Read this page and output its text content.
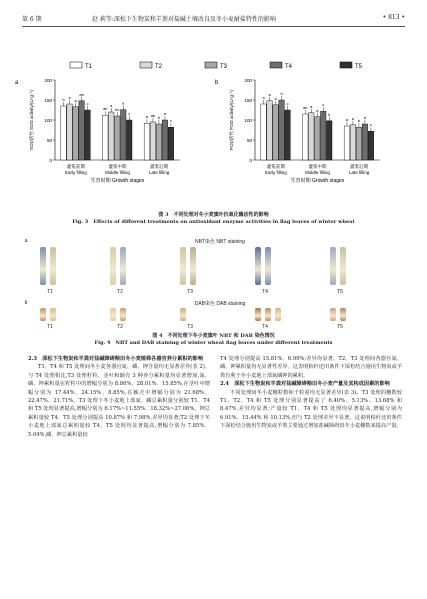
第 6 期	赵 莉等:深松下生物炭和羊粪对盐碱土壤改良及冬小麦耐盐特性的影响	• 813 •
T1	T2	T3	T4	T5
a
0
50
100
150
200
SOD活性 SOD activity/(U·g⁻¹)	b a
a
ab
c
灌浆前期
Early filling
ab
a
bc
a
c
灌浆中期
Middle filling
a ab b
a
c
灌浆后期
Late filling
生育时期 Growth stages
b
0
50
100
150
200
POD活性 POD activity/(U·g⁻¹)	a
a
a
b
c
灌浆前期
Early filling
ab a
a
c
b
灌浆中期
Middle filling
a a b
a
c
灌浆后期
Late filling
生育时期 Growth stages
图 3　不同处理对冬小麦旗叶抗氧化酶活性的影响
Fig. 3　Effects of different treatments on antioxidant enzyme activities in flag leaves of winter wheat
a	NBT染色 NBT staining
T1	T2	T3	T4	T5
b	DAB染色 DAB staining
T1	T2	T3	T4	T5
图 4　不同处理下冬小麦旗叶 NBT 和 DAB 染色情况
Fig. 4　NBT and DAB staining of winter wheat flag leaves under different treatments
2.3　深松下生物炭和羊粪对盐碱障碍粮田冬小麦植株各器官养分累积的影响

T1、T4 和 T5 处理间冬小麦各器官氮、磷、钾含量均无显著差异(表 2)。与 T4 处理相比,T3 处理籽粒、茎叶和颖壳 3 种养分累积量均显著增加,氮、磷、钾累积量在籽粒中的增幅分别为 8.86%、28.01%、15.85%,在茎叶中增幅分别为 17.44%、24.15%、8.85%,在颖壳中增幅分别为 21.68%、22.47%、21.71%。T3 处理下冬小麦地上部氮、磷总累积量分别较 T1、T4 和 T5 处理显著提高,增幅分别为 6.17%~11.55%、18.32%~27.06%。钾总累积量较 T4、T5 处理分别提高 10.87% 和 7.98%,差异均显著;T2 处理下冬小麦地上部氮总累积量较 T4、T5 处理均显著提高,增幅分别为 7.85%、5.04%,磷、钾总累积量较

T4 处理分别提高 15.81%、6.99%;差异均显著。T2、T3 处理间各器官氮、磷、钾累积量均无显著性差异。这表明秸秆还田条件下深松结合施用生物炭或羊粪有利于冬小麦地上部氮磷钾的累积。

2.4　深松下生物炭和羊粪对盐碱障碍粮田冬小麦产量及其构成因素的影响

不同处理间冬小麦穗粒数和千粒重均无显著差异(表 3)。T3 处理的穗数较 T1、T2、T4 和 T5 处理分别显著提高了 6.40%、5.13%、13.68% 和 8.47%,差异均显著;产量较 T1、T4 和 T5 处理均显著提高,增幅分别为 6.91%、15.44% 和 10.13%,但与 T2 处理差异不显著。这说明秸秆还田条件下深松结合施用生物炭或羊粪主要通过增加盐碱障碍田冬小麦穗数来提高产量。
